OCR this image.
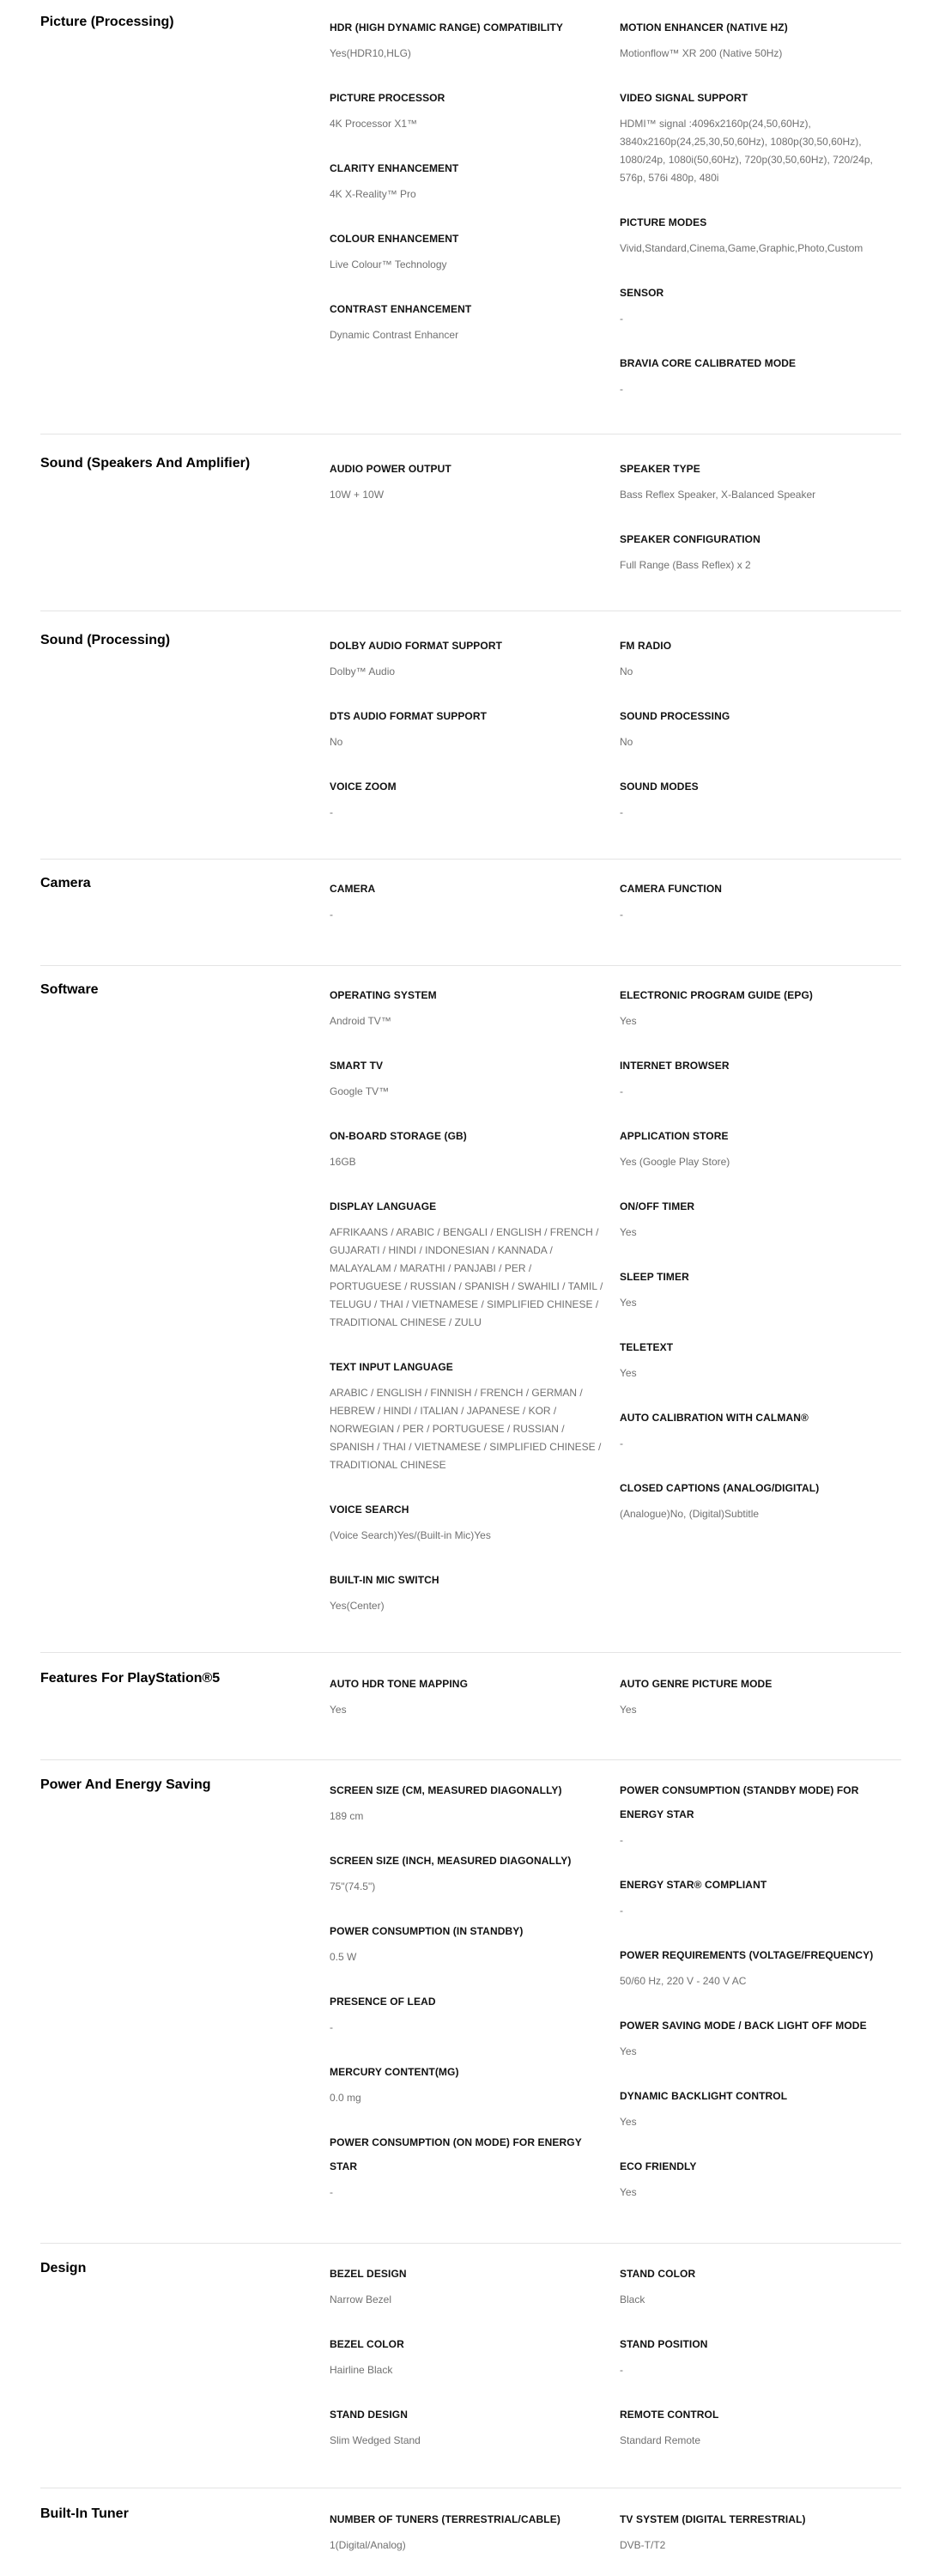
Picture (Processing)	HDR (HIGH DYNAMIC RANGE) COMPATIBILITY
Yes(HDR10,HLG)
PICTURE PROCESSOR
4K Processor X1™
CLARITY ENHANCEMENT
4K X-Reality™ Pro
COLOUR ENHANCEMENT
Live Colour™ Technology
CONTRAST ENHANCEMENT
Dynamic Contrast Enhancer
MOTION ENHANCER (NATIVE HZ)
Motionflow™ XR 200 (Native 50Hz)
VIDEO SIGNAL SUPPORT
HDMI™ signal :4096x2160p(24,50,60Hz), 3840x2160p(24,25,30,50,60Hz), 1080p(30,50,60Hz), 1080/24p, 1080i(50,60Hz), 720p(30,50,60Hz), 720/24p, 576p, 576i 480p, 480i
PICTURE MODES
Vivid,Standard,Cinema,Game,Graphic,Photo,Custom
SENSOR
-
BRAVIA CORE CALIBRATED MODE
-
Sound (Speakers And Amplifier)	AUDIO POWER OUTPUT
10W + 10W
SPEAKER TYPE
Bass Reflex Speaker, X-Balanced Speaker
SPEAKER CONFIGURATION
Full Range (Bass Reflex) x 2
Sound (Processing)	DOLBY AUDIO FORMAT SUPPORT
Dolby™ Audio
DTS AUDIO FORMAT SUPPORT
No
VOICE ZOOM
-
FM RADIO
No
SOUND PROCESSING
No
SOUND MODES
-
Camera	CAMERA
-
CAMERA FUNCTION
-
Software	OPERATING SYSTEM
Android TV™
SMART TV
Google TV™
ON-BOARD STORAGE (GB)
16GB
DISPLAY LANGUAGE
AFRIKAANS / ARABIC / BENGALI / ENGLISH / FRENCH / GUJARATI / HINDI / INDONESIAN / KANNADA / MALAYALAM / MARATHI / PANJABI / PER / PORTUGUESE / RUSSIAN / SPANISH / SWAHILI / TAMIL / TELUGU / THAI / VIETNAMESE / SIMPLIFIED CHINESE / TRADITIONAL CHINESE / ZULU
TEXT INPUT LANGUAGE
ARABIC / ENGLISH / FINNISH / FRENCH / GERMAN / HEBREW / HINDI / ITALIAN / JAPANESE / KOR / NORWEGIAN / PER / PORTUGUESE / RUSSIAN / SPANISH / THAI / VIETNAMESE / SIMPLIFIED CHINESE / TRADITIONAL CHINESE
VOICE SEARCH
(Voice Search)Yes/(Built-in Mic)Yes
BUILT-IN MIC SWITCH
Yes(Center)
ELECTRONIC PROGRAM GUIDE (EPG)
Yes
INTERNET BROWSER
-
APPLICATION STORE
Yes (Google Play Store)
ON/OFF TIMER
Yes
SLEEP TIMER
Yes
TELETEXT
Yes
AUTO CALIBRATION WITH CALMAN®
-
CLOSED CAPTIONS (ANALOG/DIGITAL)
(Analogue)No, (Digital)Subtitle
Features For PlayStation®5	AUTO HDR TONE MAPPING
Yes
AUTO GENRE PICTURE MODE
Yes
Power And Energy Saving	SCREEN SIZE (CM, MEASURED DIAGONALLY)
189 cm
SCREEN SIZE (INCH, MEASURED DIAGONALLY)
75"(74.5")
POWER CONSUMPTION (IN STANDBY)
0.5 W
PRESENCE OF LEAD
-
MERCURY CONTENT(MG)
0.0 mg
POWER CONSUMPTION (ON MODE) FOR ENERGY STAR
-
POWER CONSUMPTION (STANDBY MODE) FOR ENERGY STAR
-
ENERGY STAR® COMPLIANT
-
POWER REQUIREMENTS (VOLTAGE/FREQUENCY)
50/60 Hz, 220 V - 240 V AC
POWER SAVING MODE / BACK LIGHT OFF MODE
Yes
DYNAMIC BACKLIGHT CONTROL
Yes
ECO FRIENDLY
Yes
Design	BEZEL DESIGN
Narrow Bezel
BEZEL COLOR
Hairline Black
STAND DESIGN
Slim Wedged Stand
STAND COLOR
Black
STAND POSITION
-
REMOTE CONTROL
Standard Remote
Built-In Tuner	NUMBER OF TUNERS (TERRESTRIAL/CABLE)
1(Digital/Analog)
TV SYSTEM (DIGITAL TERRESTRIAL)
DVB-T/T2
